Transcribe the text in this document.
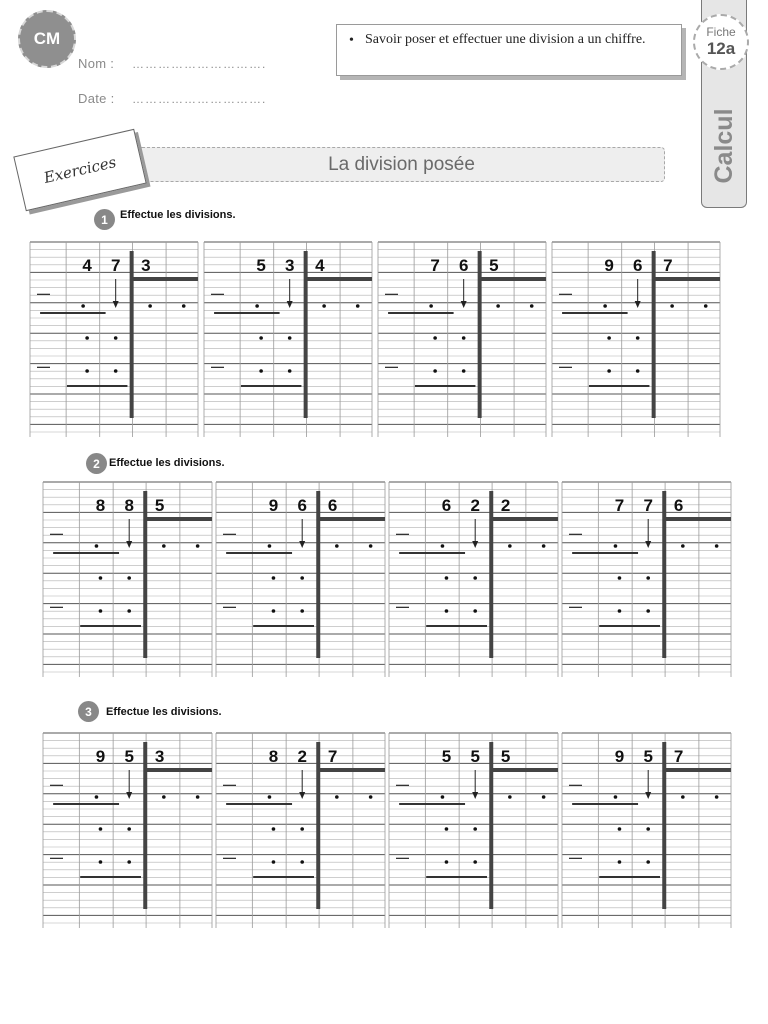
CM
Nom : ………………………….
Date : ………………………….
• Savoir poser et effectuer une division a un chiffre.
Calcul
Fiche
12a
La division posée
Exercices
1	Effectue les divisions.
2 Effectue les divisions.
3	Effectue les divisions.
4 7 3
—
—
5 3 4
—
—
7 6 5
—
—
9 6 7
—
—
8 8 5
—
—
9 6 6
—
—
6 2 2
—
—
7 7 6
—
—
9 5 3
—
—
8 2 7
—
—
5 5 5
—
—
9 5 7
—
—
